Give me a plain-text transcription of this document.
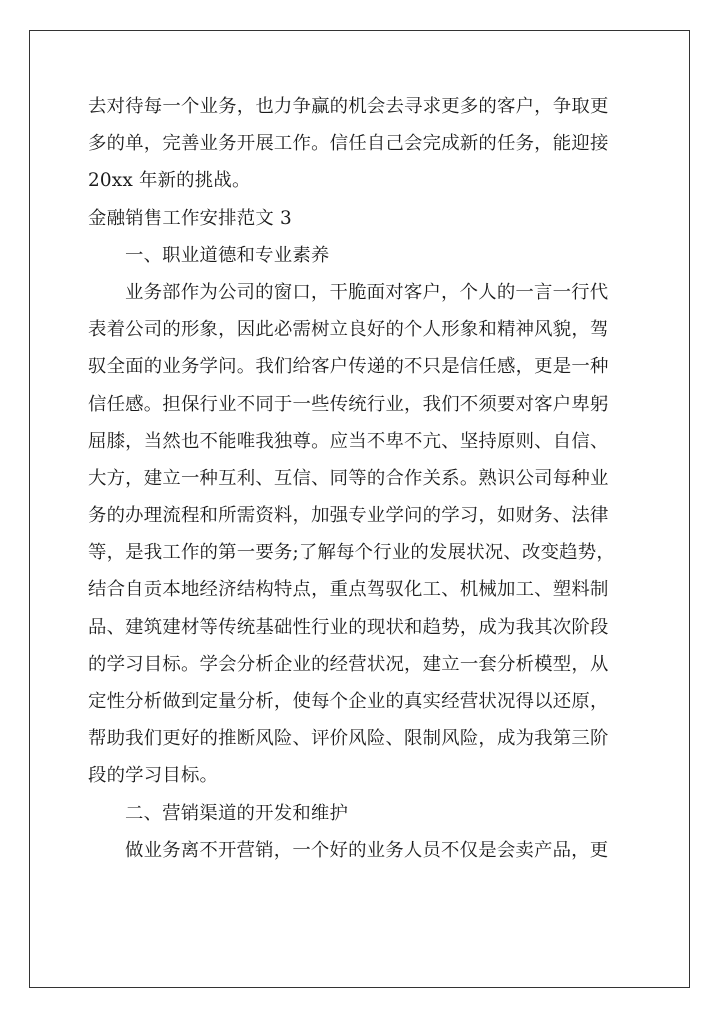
去对待每一个业务，也力争赢的机会去寻求更多的客户，争取更
多的单，完善业务开展工作。信任自己会完成新的任务，能迎接
20xx 年新的挑战。
金融销售工作安排范文 3
一、职业道德和专业素养
业务部作为公司的窗口，干脆面对客户，个人的一言一行代
表着公司的形象，因此必需树立良好的个人形象和精神风貌，驾
驭全面的业务学问。我们给客户传递的不只是信任感，更是一种
信任感。担保行业不同于一些传统行业，我们不须要对客户卑躬
屈膝，当然也不能唯我独尊。应当不卑不亢、坚持原则、自信、
大方，建立一种互利、互信、同等的合作关系。熟识公司每种业
务的办理流程和所需资料，加强专业学问的学习，如财务、法律
等，是我工作的第一要务;了解每个行业的发展状况、改变趋势，
结合自贡本地经济结构特点，重点驾驭化工、机械加工、塑料制
品、建筑建材等传统基础性行业的现状和趋势，成为我其次阶段
的学习目标。学会分析企业的经营状况，建立一套分析模型，从
定性分析做到定量分析，使每个企业的真实经营状况得以还原，
帮助我们更好的推断风险、评价风险、限制风险，成为我第三阶
段的学习目标。
二、营销渠道的开发和维护
做业务离不开营销，一个好的业务人员不仅是会卖产品，更
